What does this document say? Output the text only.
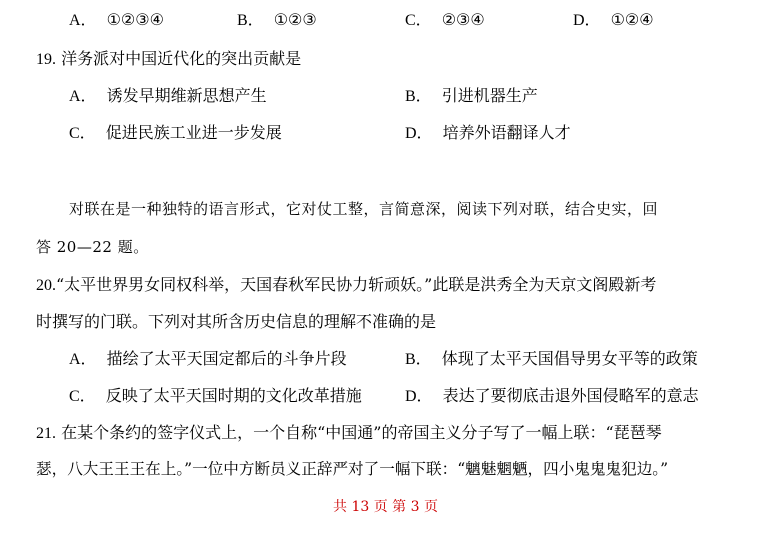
A． ①②③④	B． ①②③	C． ②③④	D． ①②④
19. 洋务派对中国近代化的突出贡献是
A． 诱发早期维新思想产生	B． 引进机器生产
C． 促进民族工业进一步发展	D． 培养外语翻译人才
对联在是一种独特的语言形式，它对仗工整，言简意深，阅读下列对联，结合史实，回
答 20—22 题。
20.“太平世界男女同权科举，天国春秋军民协力斩顽妖。”此联是洪秀全为天京文阁殿新考
时撰写的门联。下列对其所含历史信息的理解不准确的是
A． 描绘了太平天国定都后的斗争片段	B． 体现了太平天国倡导男女平等的政策
C． 反映了太平天国时期的文化改革措施	D． 表达了要彻底击退外国侵略军的意志
21. 在某个条约的签字仪式上，一个自称“中国通”的帝国主义分子写了一幅上联：“琵琶琴
瑟，八大王王王在上。”一位中方断员义正辞严对了一幅下联：“魑魅魍魉，四小鬼鬼鬼犯边。”
共 13 页 第 3 页
